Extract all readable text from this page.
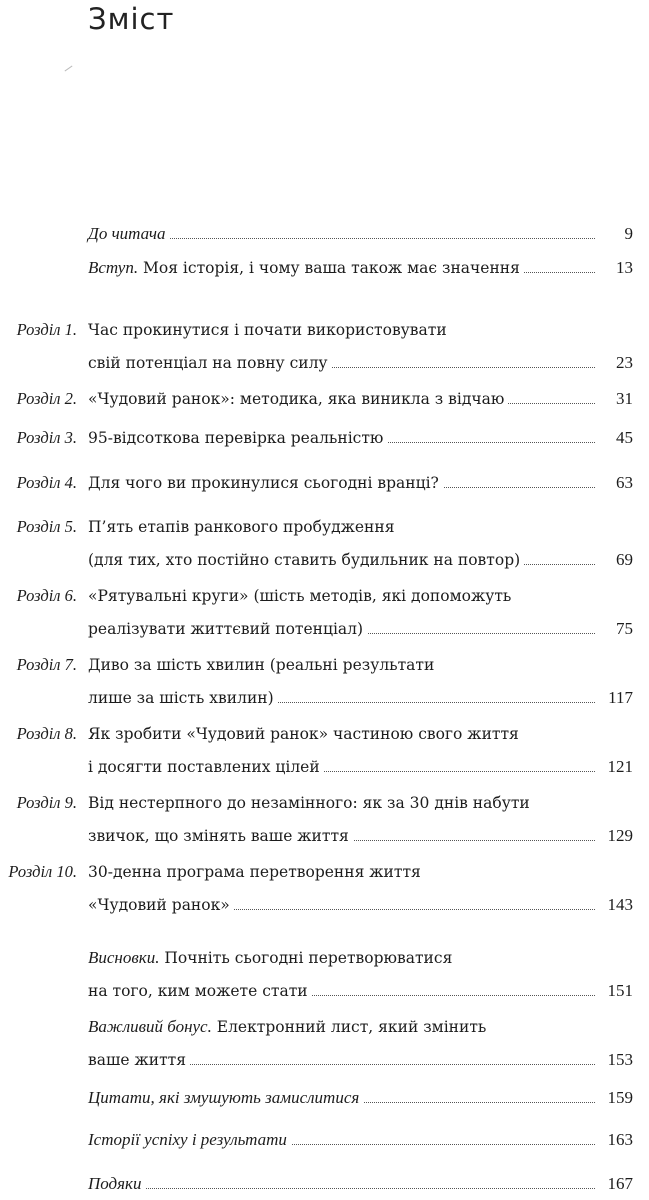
Зміст
До читача	9
Вступ. Моя історія, і чому ваша також має значення	13
Розділ 1. Час прокинутися і почати використовувати
свій потенціал на повну силу	23
Розділ 2. «Чудовий ранок»: методика, яка виникла з відчаю	31
Розділ 3. 95-відсоткова перевірка реальністю	45
Розділ 4. Для чого ви прокинулися сьогодні вранці?	63
Розділ 5. П’ять етапів ранкового пробудження
(для тих, хто постійно ставить будильник на повтор)	69
Розділ 6. «Рятувальні круги» (шість методів, які допоможуть
реалізувати життєвий потенціал)	75
Розділ 7. Диво за шість хвилин (реальні результати
лише за шість хвилин)	117
Розділ 8. Як зробити «Чудовий ранок» частиною свого життя
і досягти поставлених цілей	121
Розділ 9. Від нестерпного до незамінного: як за 30 днів набути
звичок, що змінять ваше життя	129
Розділ 10. 30-денна програма перетворення життя
«Чудовий ранок»	143
Висновки. Почніть сьогодні перетворюватися
на того, ким можете стати	151
Важливий бонус. Електронний лист, який змінить
ваше життя	153
Цитати, які змушують замислитися	159
Історії успіху і результати	163
Подяки	167
